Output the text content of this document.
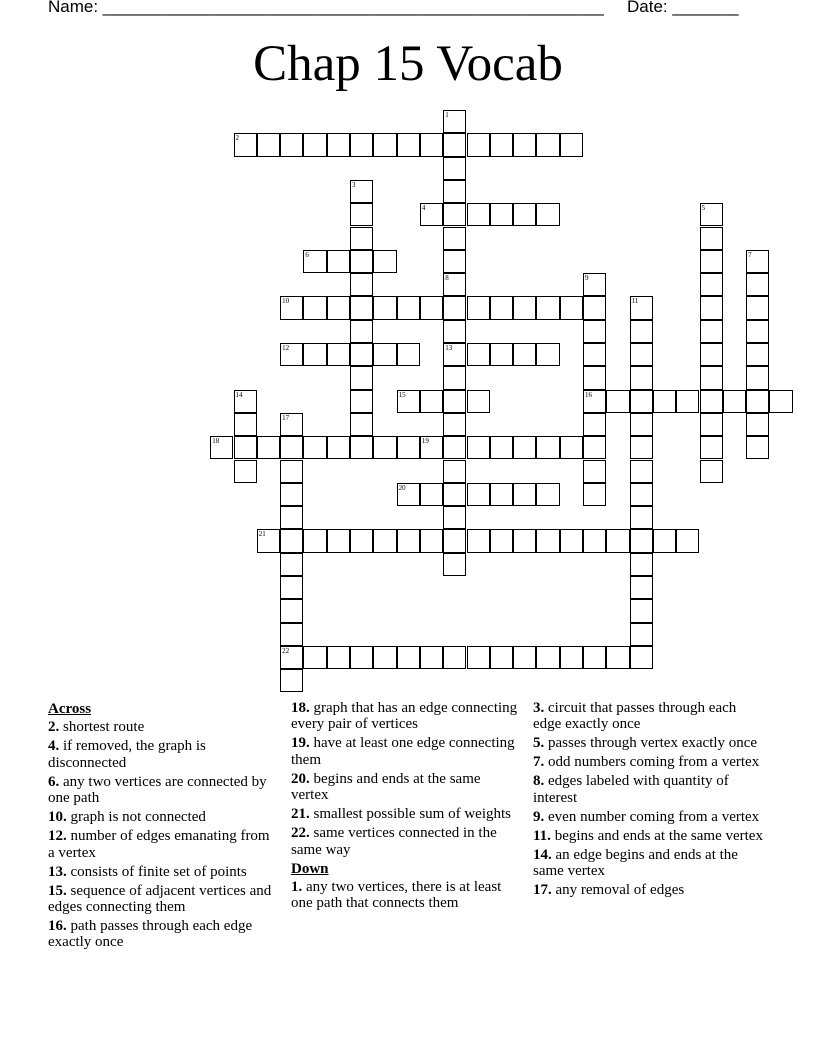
Name: _____________________________________________________ Date: _______
Chap 15 Vocab
1
8
2
3
4	5
6	7
13
9
16
10	11
12
14	15
17
22
18	19
20
21
Across
2. shortest route
4. if removed, the graph is disconnected
6. any two vertices are connected by one path
10. graph is not connected
12. number of edges emanating from a vertex
13. consists of finite set of points
15. sequence of adjacent vertices and edges connecting them
16. path passes through each edge exactly once
18. graph that has an edge connecting every pair of vertices
19. have at least one edge connecting them
20. begins and ends at the same vertex
21. smallest possible sum of weights
22. same vertices connected in the same way
Down
1. any two vertices, there is at least one path that connects them
3. circuit that passes through each edge exactly once
5. passes through vertex exactly once
7. odd numbers coming from a vertex
8. edges labeled with quantity of interest
9. even number coming from a vertex
11. begins and ends at the same vertex
14. an edge begins and ends at the same vertex
17. any removal of edges
